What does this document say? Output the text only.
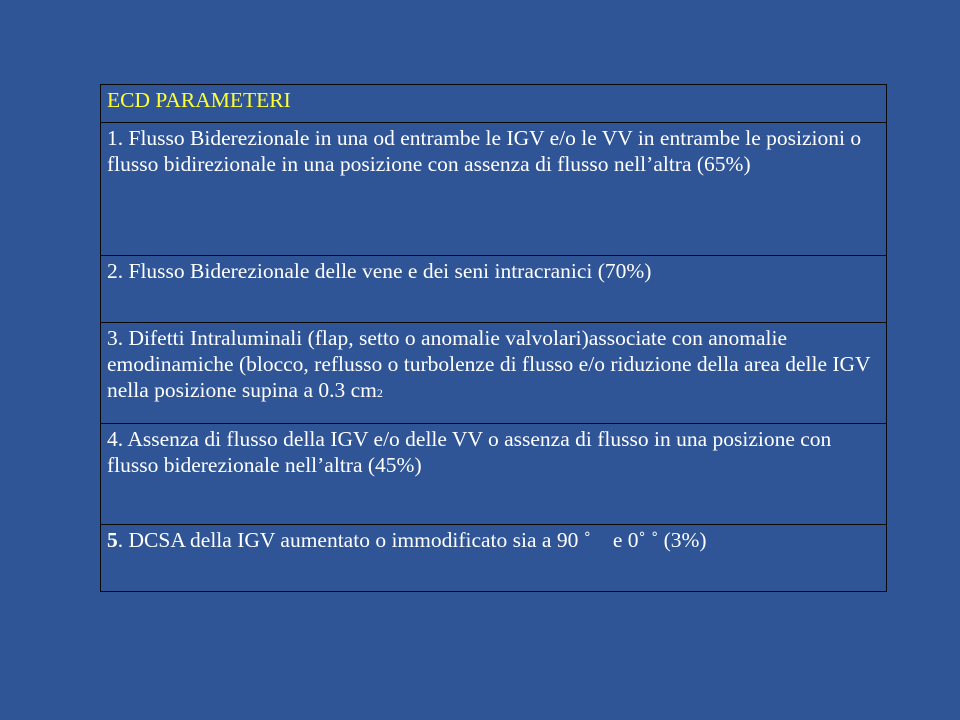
ECD PARAMETERI
1. Flusso Biderezionale in una od entrambe le IGV e/o le VV in entrambe le posizioni o flusso bidirezionale in una posizione con assenza di flusso nell’altra (65%)
2. Flusso Biderezionale delle vene e dei seni intracranici (70%)
3. Difetti Intraluminali (flap, setto o anomalie valvolari)associate con anomalie emodinamiche (blocco, reflusso o turbolenze di flusso e/o riduzione della area delle IGV nella posizione supina a 0.3 cm2
4. Assenza di flusso della IGV e/o delle VV o assenza di flusso in una posizione con flusso biderezionale nell’altra (45%)
5. DCSA della IGV aumentato o immodificato sia a 90 ˚ e 0˚ ˚ (3%)
